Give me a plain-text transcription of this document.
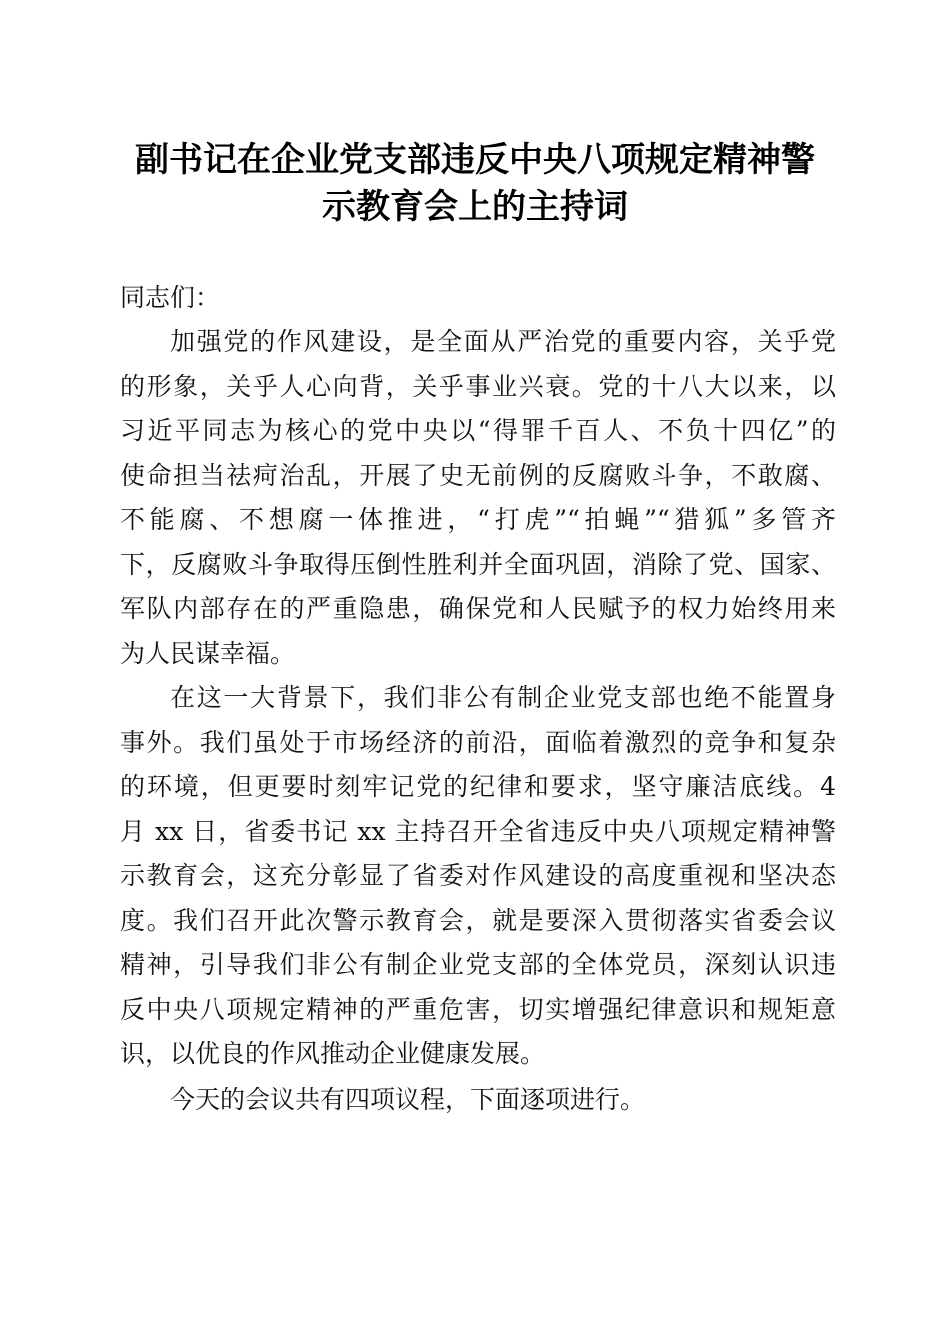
副书记在企业党支部违反中央八项规定精神警
示教育会上的主持词
同志们：
加强党的作风建设，是全面从严治党的重要内容，关乎党
的形象，关乎人心向背，关乎事业兴衰。党的十八大以来，以
习近平同志为核心的党中央以“得罪千百人、不负十四亿”的
使命担当祛疴治乱，开展了史无前例的反腐败斗争，不敢腐、
不能腐、不想腐一体推进，“打虎”“拍蝇”“猎狐”多管齐
下，反腐败斗争取得压倒性胜利并全面巩固，消除了党、国家、
军队内部存在的严重隐患，确保党和人民赋予的权力始终用来
为人民谋幸福。
在这一大背景下，我们非公有制企业党支部也绝不能置身
事外。我们虽处于市场经济的前沿，面临着激烈的竞争和复杂
的环境，但更要时刻牢记党的纪律和要求，坚守廉洁底线。4
月 xx 日，省委书记 xx 主持召开全省违反中央八项规定精神警
示教育会，这充分彰显了省委对作风建设的高度重视和坚决态
度。我们召开此次警示教育会，就是要深入贯彻落实省委会议
精神，引导我们非公有制企业党支部的全体党员，深刻认识违
反中央八项规定精神的严重危害，切实增强纪律意识和规矩意
识，以优良的作风推动企业健康发展。
今天的会议共有四项议程，下面逐项进行。
